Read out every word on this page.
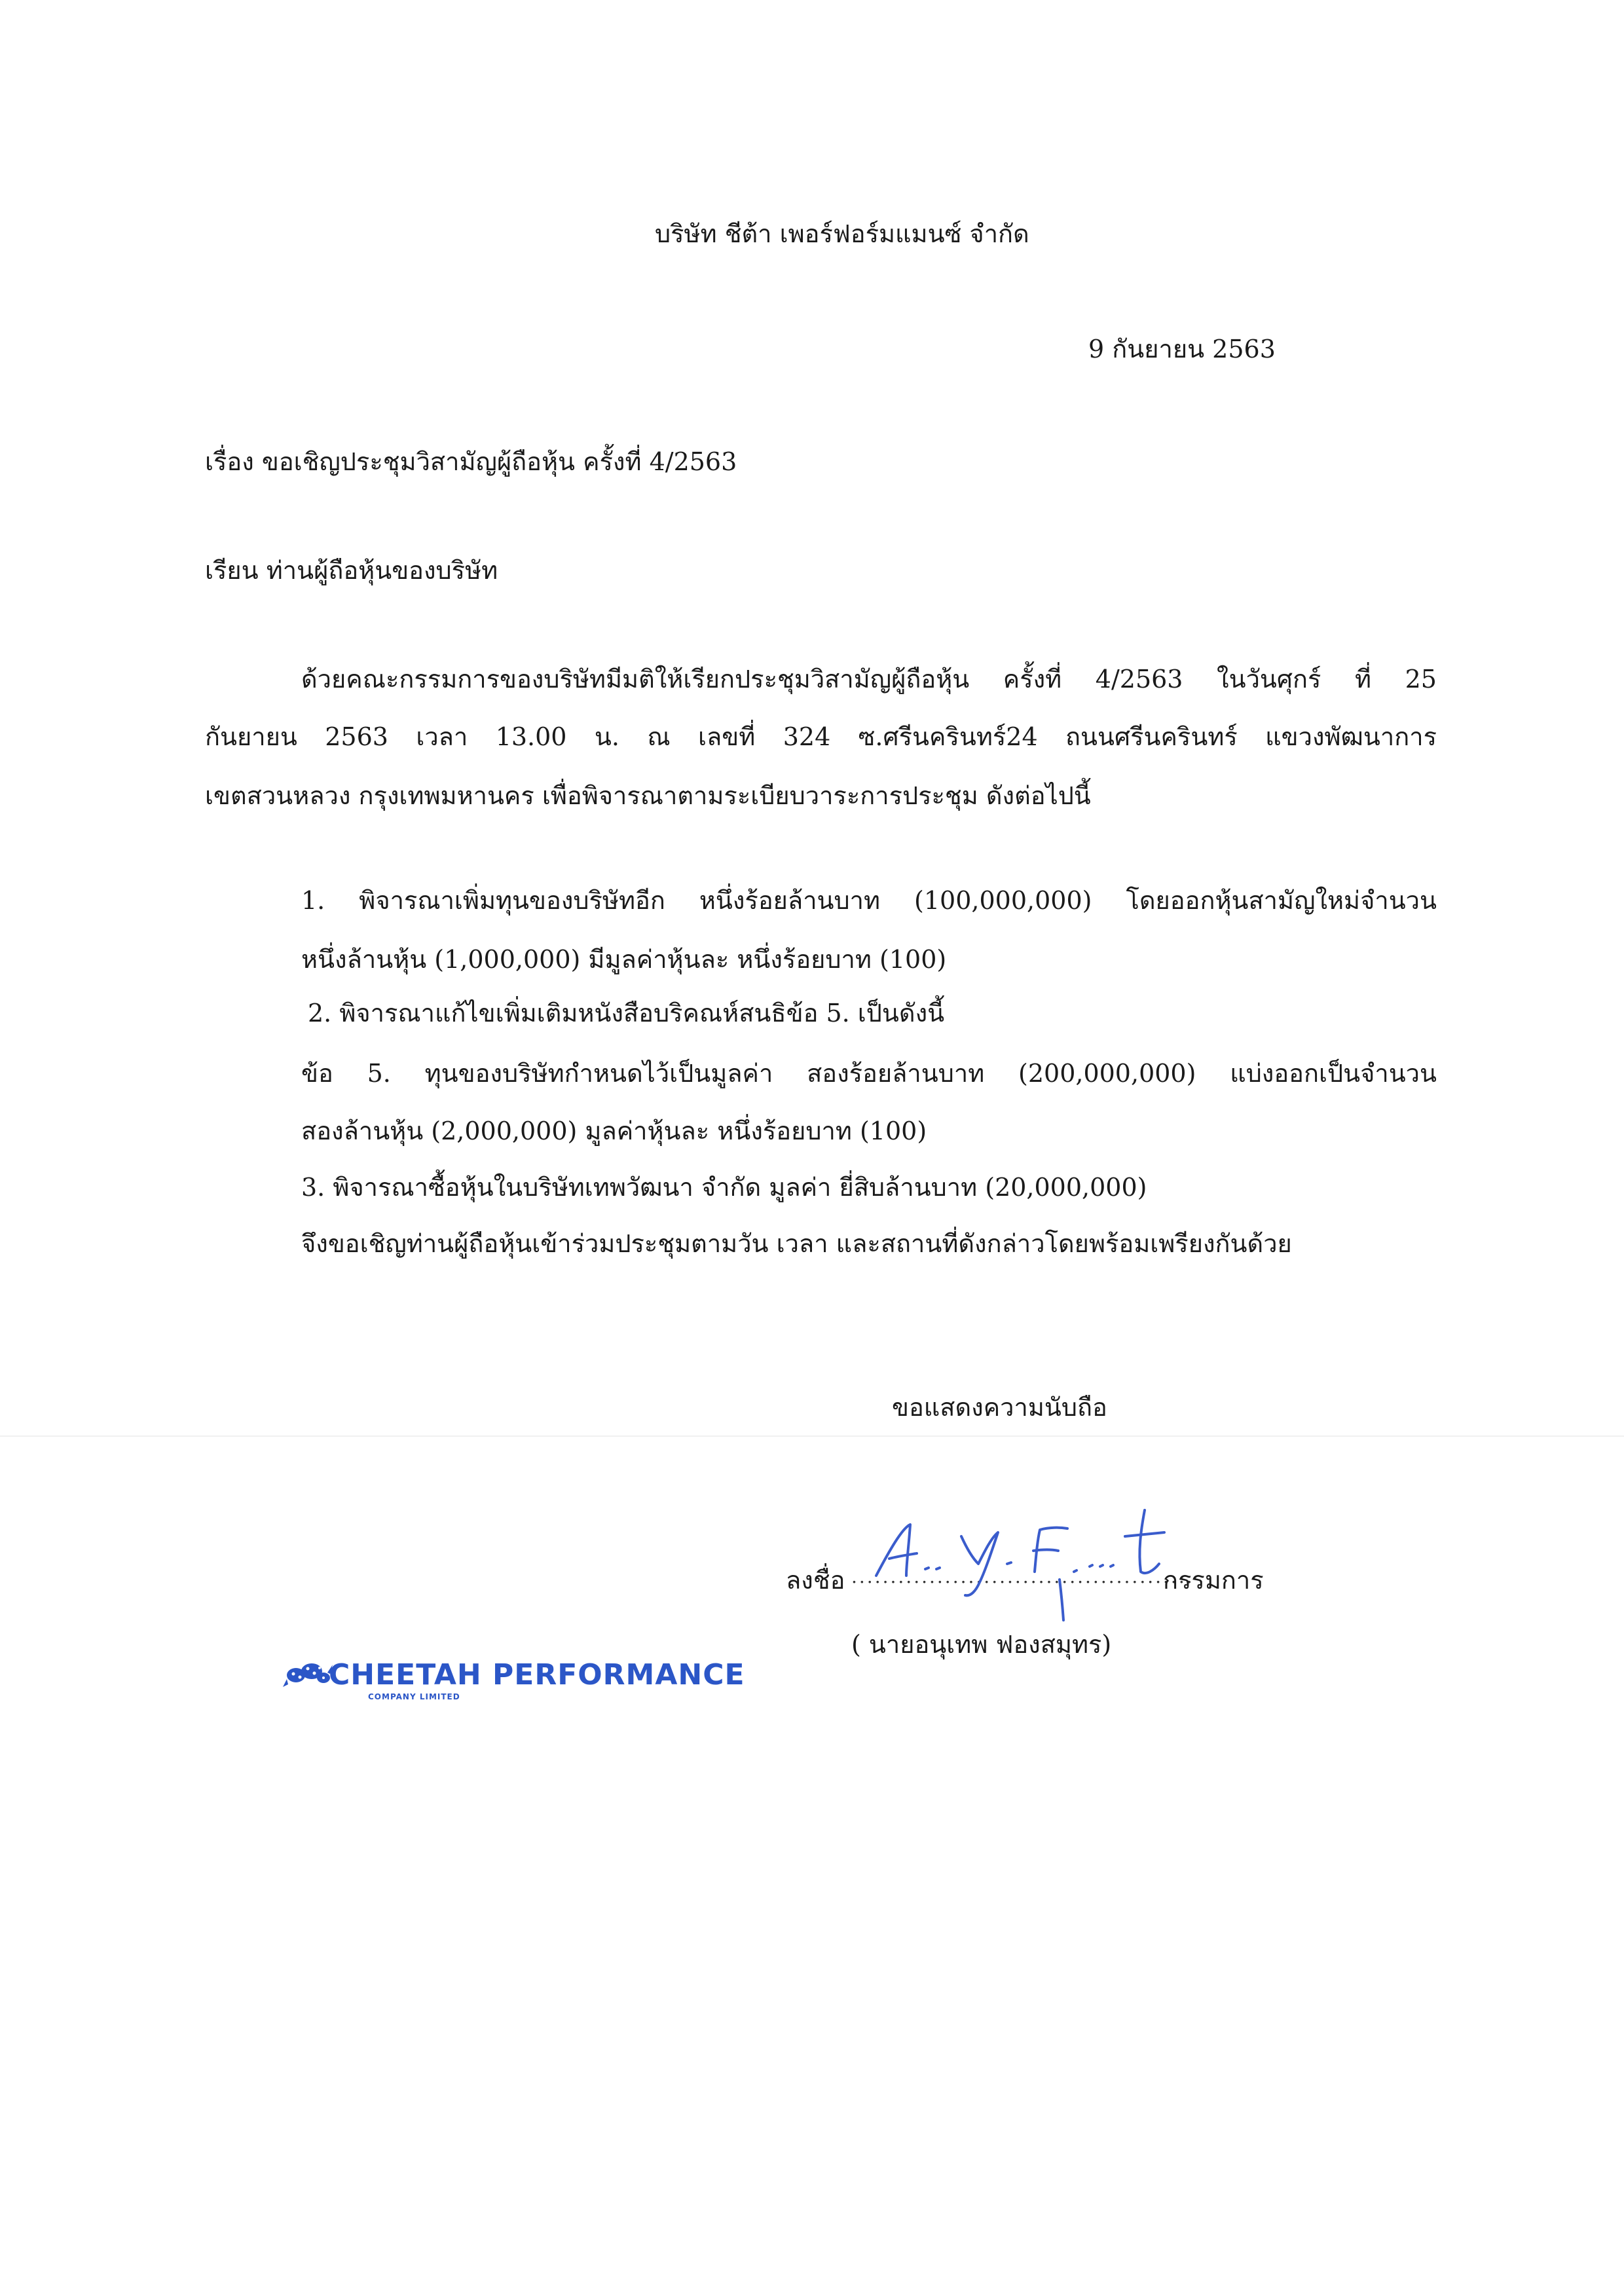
บริษัท ชีต้า เพอร์ฟอร์มแมนซ์ จำกัด
9 กันยายน 2563
เรื่อง ขอเชิญประชุมวิสามัญผู้ถือหุ้น ครั้งที่ 4/2563
เรียน ท่านผู้ถือหุ้นของบริษัท
ด้วยคณะกรรมการของบริษัทมีมติให้เรียกประชุมวิสามัญผู้ถือหุ้น ครั้งที่ 4/2563 ในวันศุกร์ ที่ 25
กันยายน 2563 เวลา 13.00 น. ณ เลขที่ 324 ซ.ศรีนครินทร์24 ถนนศรีนครินทร์ แขวงพัฒนาการ
เขตสวนหลวง กรุงเทพมหานคร เพื่อพิจารณาตามระเบียบวาระการประชุม ดังต่อไปนี้
1. พิจารณาเพิ่มทุนของบริษัทอีก หนึ่งร้อยล้านบาท (100,000,000) โดยออกหุ้นสามัญใหม่จำนวน
หนึ่งล้านหุ้น (1,000,000) มีมูลค่าหุ้นละ หนึ่งร้อยบาท (100)
2. พิจารณาแก้ไขเพิ่มเติมหนังสือบริคณห์สนธิข้อ 5. เป็นดังนี้
ข้อ 5. ทุนของบริษัทกำหนดไว้เป็นมูลค่า สองร้อยล้านบาท (200,000,000) แบ่งออกเป็นจำนวน
สองล้านหุ้น (2,000,000) มูลค่าหุ้นละ หนึ่งร้อยบาท (100)
3. พิจารณาซื้อหุ้นในบริษัทเทพวัฒนา จำกัด มูลค่า ยี่สิบล้านบาท (20,000,000)
จึงขอเชิญท่านผู้ถือหุ้นเข้าร่วมประชุมตามวัน เวลา และสถานที่ดังกล่าวโดยพร้อมเพรียงกันด้วย
ขอแสดงความนับถือ
ลงชื่อ ............................................
กรรมการ
( นายอนุเทพ ฟองสมุทร)
CHEETAH PERFORMANCE
COMPANY LIMITED
